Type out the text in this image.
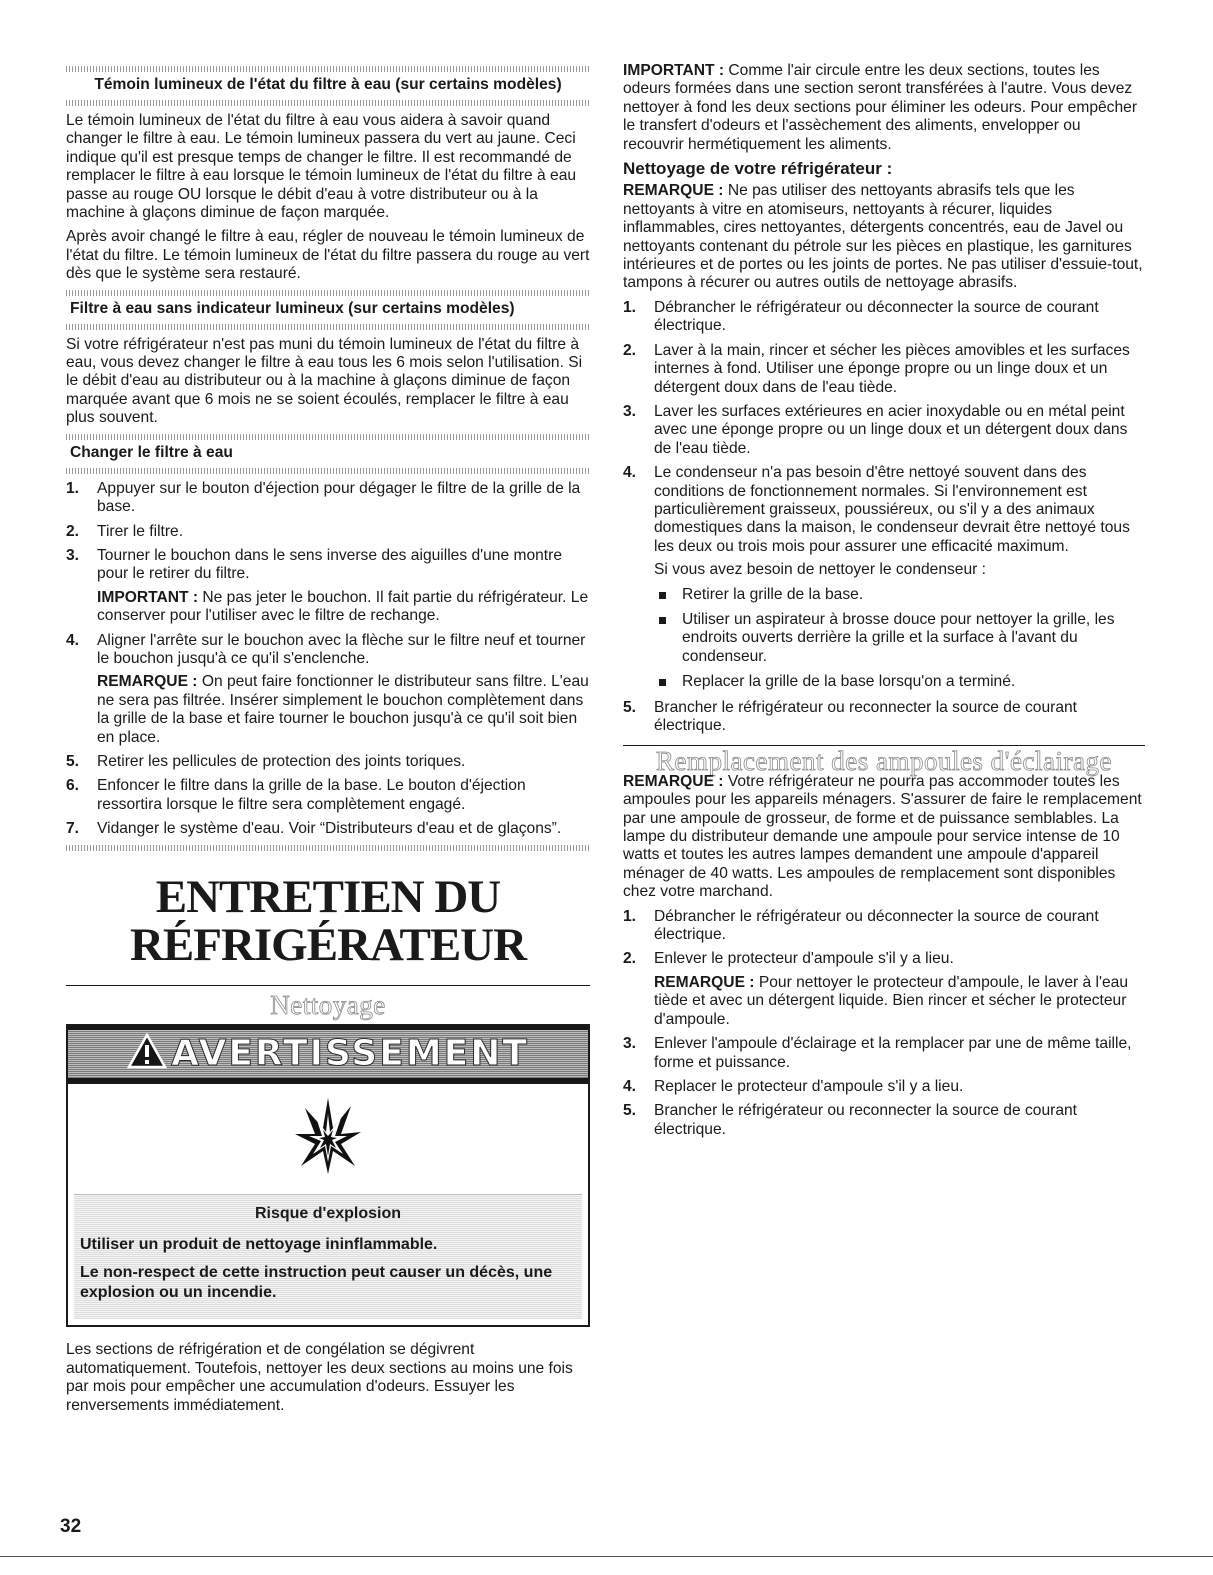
Témoin lumineux de l'état du filtre à eau (sur certains modèles)

Le témoin lumineux de l'état du filtre à eau vous aidera à savoir quand changer le filtre à eau. Le témoin lumineux passera du vert au jaune. Ceci indique qu'il est presque temps de changer le filtre. Il est recommandé de remplacer le filtre à eau lorsque le témoin lumineux de l'état du filtre à eau passe au rouge OU lorsque le débit d'eau à votre distributeur ou à la machine à glaçons diminue de façon marquée.

Après avoir changé le filtre à eau, régler de nouveau le témoin lumineux de l'état du filtre. Le témoin lumineux de l'état du filtre passera du rouge au vert dès que le système sera restauré.

Filtre à eau sans indicateur lumineux (sur certains modèles)

Si votre réfrigérateur n'est pas muni du témoin lumineux de l'état du filtre à eau, vous devez changer le filtre à eau tous les 6 mois selon l'utilisation. Si le débit d'eau au distributeur ou à la machine à glaçons diminue de façon marquée avant que 6 mois ne se soient écoulés, remplacer le filtre à eau plus souvent.

Changer le filtre à eau
1. Appuyer sur le bouton d'éjection pour dégager le filtre de la grille de la base.
2. Tirer le filtre.
3. Tourner le bouchon dans le sens inverse des aiguilles d'une montre pour le retirer du filtre.

IMPORTANT : Ne pas jeter le bouchon. Il fait partie du réfrigérateur. Le conserver pour l'utiliser avec le filtre de rechange.

4. Aligner l'arrête sur le bouchon avec la flèche sur le filtre neuf et tourner le bouchon jusqu'à ce qu'il s'enclenche.

REMARQUE : On peut faire fonctionner le distributeur sans filtre. L'eau ne sera pas filtrée. Insérer simplement le bouchon complètement dans la grille de la base et faire tourner le bouchon jusqu'à ce qu'il soit bien en place.

5. Retirer les pellicules de protection des joints toriques.
6. Enfoncer le filtre dans la grille de la base. Le bouton d'éjection ressortira lorsque le filtre sera complètement engagé.
7. Vidanger le système d'eau. Voir “Distributeurs d'eau et de glaçons”.
ENTRETIEN DU
RÉFRIGÉRATEUR
Nettoyage
AVERTISSEMENT
Risque d'explosion
Utiliser un produit de nettoyage ininflammable.
Le non-respect de cette instruction peut causer un décès, une explosion ou un incendie.

Les sections de réfrigération et de congélation se dégivrent automatiquement. Toutefois, nettoyer les deux sections au moins une fois par mois pour empêcher une accumulation d'odeurs. Essuyer les renversements immédiatement.

IMPORTANT : Comme l'air circule entre les deux sections, toutes les odeurs formées dans une section seront transférées à l'autre. Vous devez nettoyer à fond les deux sections pour éliminer les odeurs. Pour empêcher le transfert d'odeurs et l'assèchement des aliments, envelopper ou recouvrir hermétiquement les aliments.

Nettoyage de votre réfrigérateur :

REMARQUE : Ne pas utiliser des nettoyants abrasifs tels que les nettoyants à vitre en atomiseurs, nettoyants à récurer, liquides inflammables, cires nettoyantes, détergents concentrés, eau de Javel ou nettoyants contenant du pétrole sur les pièces en plastique, les garnitures intérieures et de portes ou les joints de portes. Ne pas utiliser d'essuie-tout, tampons à récurer ou autres outils de nettoyage abrasifs.

1. Débrancher le réfrigérateur ou déconnecter la source de courant électrique.
2. Laver à la main, rincer et sécher les pièces amovibles et les surfaces internes à fond. Utiliser une éponge propre ou un linge doux et un détergent doux dans de l'eau tiède.
3. Laver les surfaces extérieures en acier inoxydable ou en métal peint avec une éponge propre ou un linge doux et un détergent doux dans de l'eau tiède.
4. Le condenseur n'a pas besoin d'être nettoyé souvent dans des conditions de fonctionnement normales. Si l'environnement est particulièrement graisseux, poussiéreux, ou s'il y a des animaux domestiques dans la maison, le condenseur devrait être nettoyé tous les deux ou trois mois pour assurer une efficacité maximum.

Si vous avez besoin de nettoyer le condenseur :

Retirer la grille de la base.
Utiliser un aspirateur à brosse douce pour nettoyer la grille, les endroits ouverts derrière la grille et la surface à l'avant du condenseur.
Replacer la grille de la base lorsqu'on a terminé.
5. Brancher le réfrigérateur ou reconnecter la source de courant électrique.
Remplacement des ampoules d'éclairage

REMARQUE : Votre réfrigérateur ne pourra pas accommoder toutes les ampoules pour les appareils ménagers. S'assurer de faire le remplacement par une ampoule de grosseur, de forme et de puissance semblables. La lampe du distributeur demande une ampoule pour service intense de 10 watts et toutes les autres lampes demandent une ampoule d'appareil ménager de 40 watts. Les ampoules de remplacement sont disponibles chez votre marchand.

1. Débrancher le réfrigérateur ou déconnecter la source de courant électrique.
2. Enlever le protecteur d'ampoule s'il y a lieu.

REMARQUE : Pour nettoyer le protecteur d'ampoule, le laver à l'eau tiède et avec un détergent liquide. Bien rincer et sécher le protecteur d'ampoule.

3. Enlever l'ampoule d'éclairage et la remplacer par une de même taille, forme et puissance.
4. Replacer le protecteur d'ampoule s'il y a lieu.
5. Brancher le réfrigérateur ou reconnecter la source de courant électrique.
32
